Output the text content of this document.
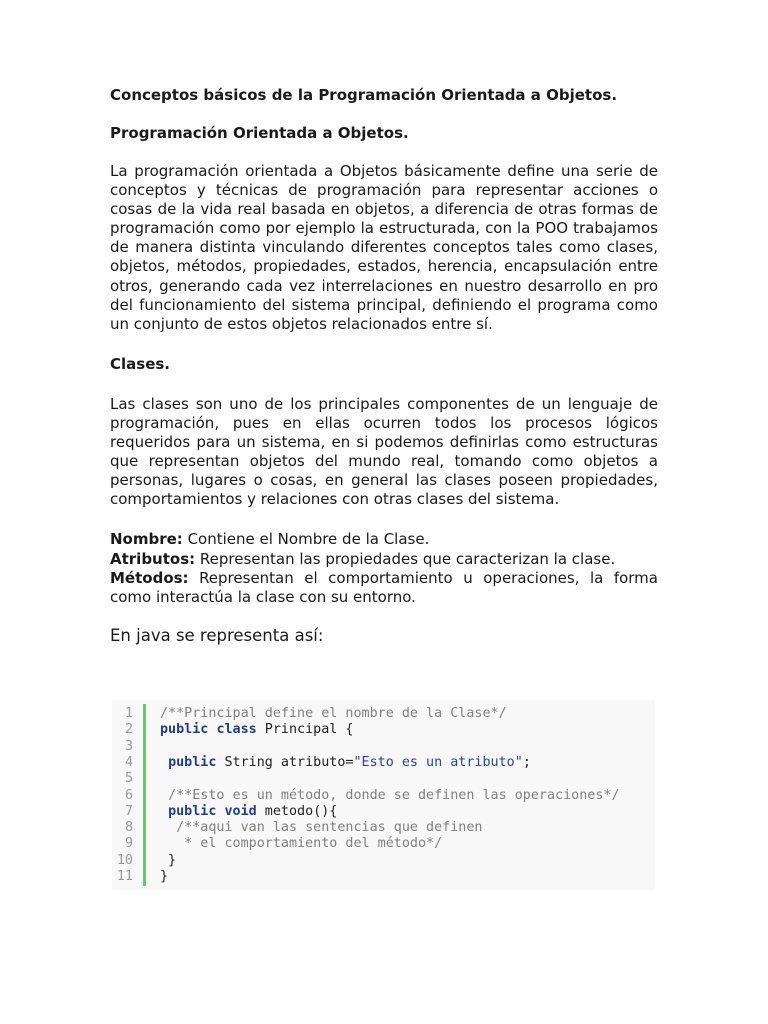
Conceptos básicos de la Programación Orientada a Objetos.

Programación Orientada a Objetos.

La programación orientada a Objetos básicamente define una serie de conceptos y técnicas de programación para representar acciones o cosas de la vida real basada en objetos, a diferencia de otras formas de programación como por ejemplo la estructurada, con la POO trabajamos de manera distinta vinculando diferentes conceptos tales como clases, objetos, métodos, propiedades, estados, herencia, encapsulación entre otros, generando cada vez interrelaciones en nuestro desarrollo en pro del funcionamiento del sistema principal, definiendo el programa como un conjunto de estos objetos relacionados entre sí.

Clases.

Las clases son uno de los principales componentes de un lenguaje de programación, pues en ellas ocurren todos los procesos lógicos requeridos para un sistema, en si podemos definirlas como estructuras que representan objetos del mundo real, tomando como objetos a personas, lugares o cosas, en general las clases poseen propiedades, comportamientos y relaciones con otras clases del sistema.

Nombre: Contiene el Nombre de la Clase.

Atributos: Representan las propiedades que caracterizan la clase.

Métodos: Representan el comportamiento u operaciones, la forma como interactúa la clase con su entorno.

En java se representa así:

1 /**Principal define el nombre de la Clase*/
2 public class Principal {
3
4	public String atributo="Esto es un atributo";
5
6	/**Esto es un método, donde se definen las operaciones*/
7	public void metodo(){
8	/**aqui van las sentencias que definen
9 * el comportamiento del método*/
10 }
11 }
